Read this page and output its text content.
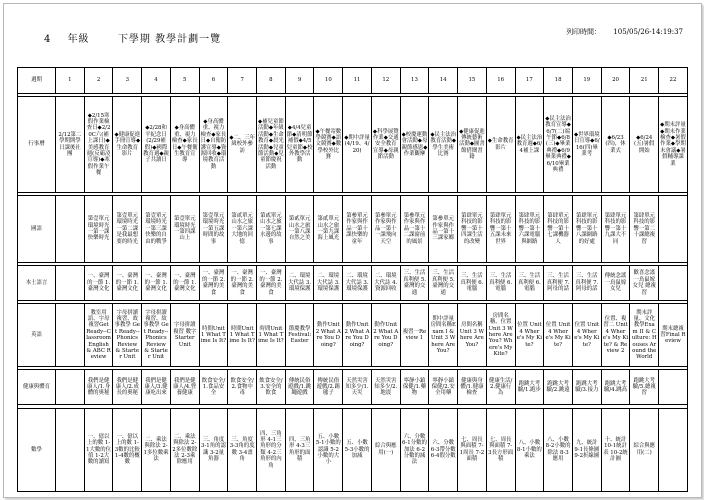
4 年級	下學期 教學計劃一覽
列印時間： 105/05/26-14:19:37
週期	1	2	3	4	5	6	7	8	9	10	11	12	13	14	15	16	17	18	19	20	21	22

行事曆	2/12第二學期開學日課後社團	◆2/15寒假作業檢查日◆2/20C六(補上課日)◆美感教育週(反霸凌宣導)◆寒假作業午餐	◆健康促進手冊宣導◆生命教育影片	◆2/28和平紀念日(2/29補假)◆國際教育週◆親子共讀日	◆身高體重、視力檢查◆家長日◆午餐衛生教育宣導	◆身高體重、視力檢查◆家長日◆自衛防護宣導◆資源回收◆環境教育活動	◆二、三年級校外參訪	◆補兒童節活動◆年級活動◆生命教育◆晨光活動◆兒童節活動◆兒童節慶祝活動	◆4/4兒童節◆清明節補假◆4/5兒童節◆校外教學活動	◆午餐寄數學競賽◆語文競賽◆數學校外比賽	◆期中評量(4/19、4/20)	◆科學展覽作業◆交通安全教育宣導◆母親節活動	◆校慶運動會活動◆母親節感恩◆作業觀摩	◆民主法治教育活動◆學生美術比賽	◆健康促進傳統藝術活動◆圖書館借閱書籍	◆生命教育影片	◆民主法治教育週◆6/4補上課	◆民主法治教育宣導◆6/7(二)端午節◆6/8(三)◆畢業典禮◆6/9畢業典禮◆6/10畢業典禮	◆世界環境日宣導◆6/16(四)畢業考	◆6/23(四)，休業式	◆6/24(五)暑假開始	◆期末評量◆期末作業檢查◆暑假作業◆學期末會議◆暑假輔導課業

國語		第壹單元環境時光一第一課快樂時光	第壹單元環境時光一第二課是我最想要的時光	第壹單元環境時光一第三課快樂的自由的戰爭	第壹單元環境時光一第四課山上	第壹單元環境時光一第五課時間的故事	第貳單元山水之旅一第六課大地的回憶	第貳單元山水之旅一第七課水邊的故事	第貳單元山水之旅一第八課自然之美	第貳單元山水之旅一第九課海上風光	第參單元作家與作品一第十課快樂的童年	第參單元作家與作品一第十一課飛向天空	第參單元作家與作品一第十二課窗前的風景	第參單元作家與作品一第十三課家鄉	第肆單元科技的影響一第十四課生活的改變	第肆單元科技的影響一第十五課未來世界	第肆單元科技的影響一第十六課電腦與網路	第肆單元科技的影響一第十七課機器人	第肆單元科技的影響一第十八課網路的好處	第肆單元科技的影響一第十九課大不同	第肆單元科技的影響一第二十課總複習	

本土語言		一、臺灣的一節 1.臺灣文化	一、臺灣的一節 1.臺灣文化	一、臺灣的一節 1.臺灣文化	一、臺灣的一節 1.臺灣文化	一、臺灣的一節 2.臺灣的美食	一、臺灣的一節 2.臺灣的美食	一、臺灣的一節 2.臺灣的美食	二、環境大代誌 3.環境保護	二、環境大代誌 3.環境保護	二、環境大代誌 3.環境保護	二、環境大代誌 4.資源回收	三、生活真利便 5.臺灣的交通	三、生活真利便 5.臺灣的交通	三、生活真利便 6.電腦	三、生活真利便 6.電腦	三、生活真利便 6.電腦	三、生活真利便 7.阿母的話	三、生活真利便 7.阿母的話	傳統念謠一鳥鼠嫁女兒	歡喜念謠一鳥鼠嫁女兒 總複習	

英語		教室用語、字母複習Get Ready--Classroom English & ABC Review	字母拼讀複習、故事教學 Get Ready--Phonics Review & Starter Unit	字母拼讀複習、故事教學 Get Ready--Phonics Review & Starter Unit	字母拼讀複習 數字 Starter Unit	時間Unit 1 What Time Is It?	時間Unit 1 What Time Is It?	時間Unit 1 What Time Is It?	節慶教學 Festival: Easter	動作Unit 2 What Are You Doing?	動作Unit 2 What Are You Doing?	動作Unit 2 What Are You Doing?	複習一Review 1	期中評量 房間名稱Exam I & Unit 3 Where Are You?	房間名稱 Unit 3 Where Are You?	房間名稱、位置 Unit 3 Where Are You? Where's My Kite?	位置 Unit 4 Where's My Kite?	位置 Unit 4 Where's My Kite?	位置 Unit 4 Where's My Kite?	位置、複習二 Unit 4 Where's My Kite? & Review 2	期末評量、文化教學Exam II & Culture: Houses Around the World	期末總複習Final Review

健康與體育		我們是健康人/1.身體的奧秘	我們是健康人/2.成長的奧秘	我們是健康人/3.健康吃出來	我們是健康人/4.營養健康	飲食安全/1.食品安全	飲食安全/2.食物中毒	飲食安全/3.安全的飲食	傳統民俗遊戲/1.跳繩遊戲	傳統民俗遊戲/2.踢毽子	天然災害知多少/1.天災	天然災害知多少/2.地震	寧靜小鎮保健/1.藥物	寧靜小鎮保健/2.安全用藥	健康與身體/1.健康檢查	健康生活/2.健康行為	跑跳大考驗/1.跑步	跑跳大考驗/2.跳遠	跑跳大考驗/3.接力	跑跳大考驗/4.跳高	跑跳大考驗/5.總複習	

數學		一、億以上的數 1-1大數的位值 1-2大數的讀寫	一、億以上的數 1-3數的比較 1-4數的概數	二、乘法與除法 2-1多位數乘法	二、乘法與除法 2-2多位數除法 2-3乘除應用	三、角度 3-1角的認識 3-2量角器	三、角度 3-3角的度數 3-4畫角	四、三角形 4-1三角形的分類 4-2三角形的內角	四、三角形 4-3三角形的面積	五、小數 5-1小數的認識 5-2小數的大小	五、小數 5-3小數的加減	綜合與應用(一)	六、分數 6-1分數的加法 6-2分數的減法	六、分數 6-3帶分數 6-4假分數	七、周長與面積 7-1周長 7-2面積	七、周長與面積 7-3長方形面積	八、小數 8-1小數的乘法	八、小數 8-2小數的除法 8-3應用	九、統計 9-1長條圖 9-2折線圖	十、統計 10-1統計表 10-2統計圖	綜合與應用(二)	
